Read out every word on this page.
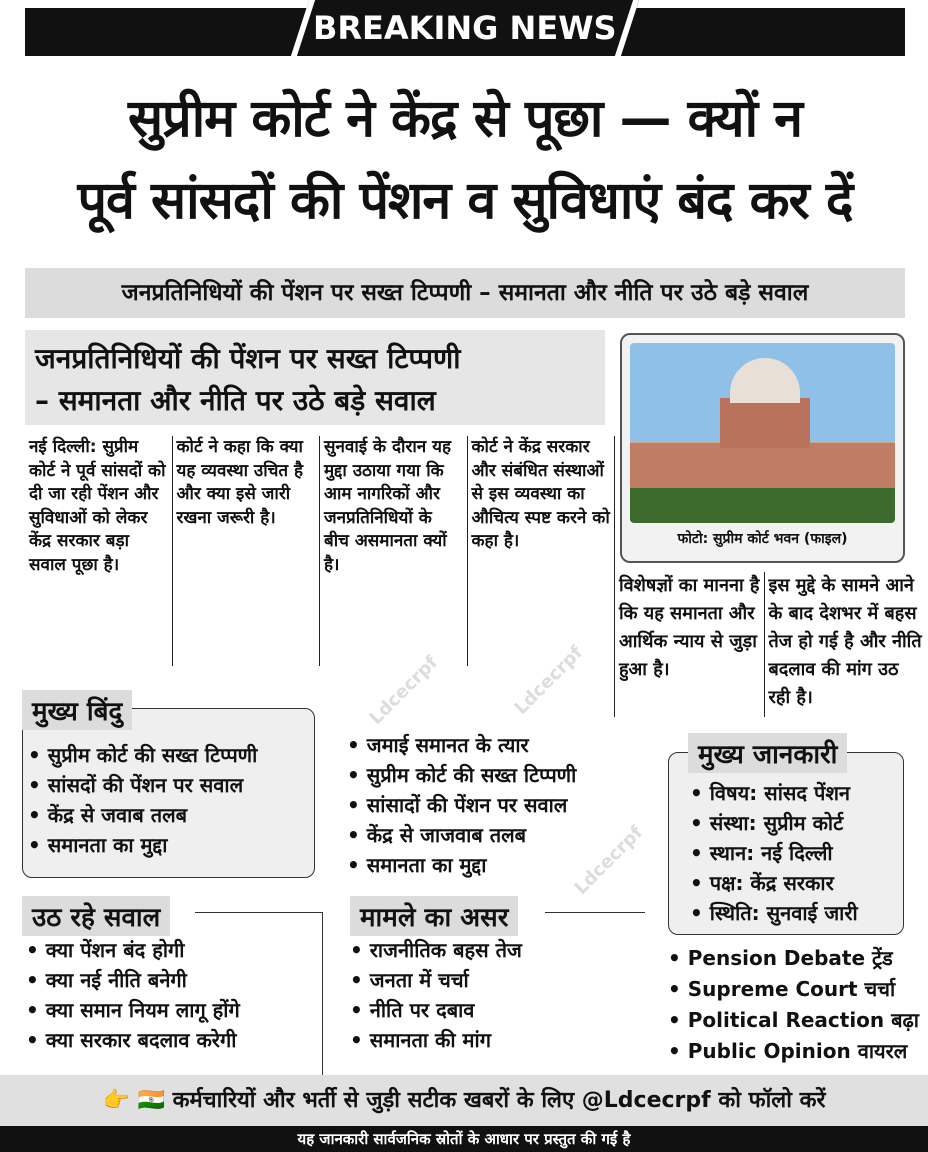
BREAKING NEWS
सुप्रीम कोर्ट ने केंद्र से पूछा — क्यों न
पूर्व सांसदों की पेंशन व सुविधाएं बंद कर दें
जनप्रतिनिधियों की पेंशन पर सख्त टिप्पणी – समानता और नीति पर उठे बड़े सवाल
जनप्रतिनिधियों की पेंशन पर सख्त टिप्पणी
– समानता और नीति पर उठे बड़े सवाल
नई दिल्ली: सुप्रीम कोर्ट ने पूर्व सांसदों को दी जा रही पेंशन और सुविधाओं को लेकर केंद्र सरकार बड़ा सवाल पूछा है।
कोर्ट ने कहा कि क्या यह व्यवस्था उचित है और क्या इसे जारी रखना जरूरी है।
सुनवाई के दौरान यह मुद्दा उठाया गया कि आम नागरिकों और जनप्रतिनिधियों के बीच असमानता क्यों है।
कोर्ट ने केंद्र सरकार और संबंधित संस्थाओं से इस व्यवस्था का औचित्य स्पष्ट करने को कहा है।	फोटो: सुप्रीम कोर्ट भवन (फाइल)
विशेषज्ञों का मानना है कि यह समानता और आर्थिक न्याय से जुड़ा हुआ है।
इस मुद्दे के सामने आने के बाद देशभर में बहस तेज हो गई है और नीति बदलाव की मांग उठ रही है।
Ldcecrpf	Ldcecrpf
Ldcecrpf
मुख्य बिंदु
• सुप्रीम कोर्ट की सख्त टिप्पणी
• सांसदों की पेंशन पर सवाल
• केंद्र से जवाब तलब
• समानता का मुद्दा
• जमाई समानत के त्यार
• सुप्रीम कोर्ट की सख्त टिप्पणी
• सांसादों की पेंशन पर सवाल
• केंद्र से जाजवाब तलब
• समानता का मुद्दा
मुख्य जानकारी
• विषय: सांसद पेंशन
• संस्था: सुप्रीम कोर्ट
• स्थान: नई दिल्ली
• पक्ष: केंद्र सरकार
• स्थिति: सुनवाई जारी
उठ रहे सवाल
• क्या पेंशन बंद होगी
• क्या नई नीति बनेगी
• क्या समान नियम लागू होंगे
• क्या सरकार बदलाव करेगी
मामले का असर
• राजनीतिक बहस तेज
• जनता में चर्चा
• नीति पर दबाव
• समानता की मांग
• Pension Debate ट्रेंड
• Supreme Court चर्चा
• Political Reaction बढ़ा
• Public Opinion वायरल
👉 🇮🇳 कर्मचारियों और भर्ती से जुड़ी सटीक खबरों के लिए @Ldcecrpf को फॉलो करें
यह जानकारी सार्वजनिक स्रोतों के आधार पर प्रस्तुत की गई है
